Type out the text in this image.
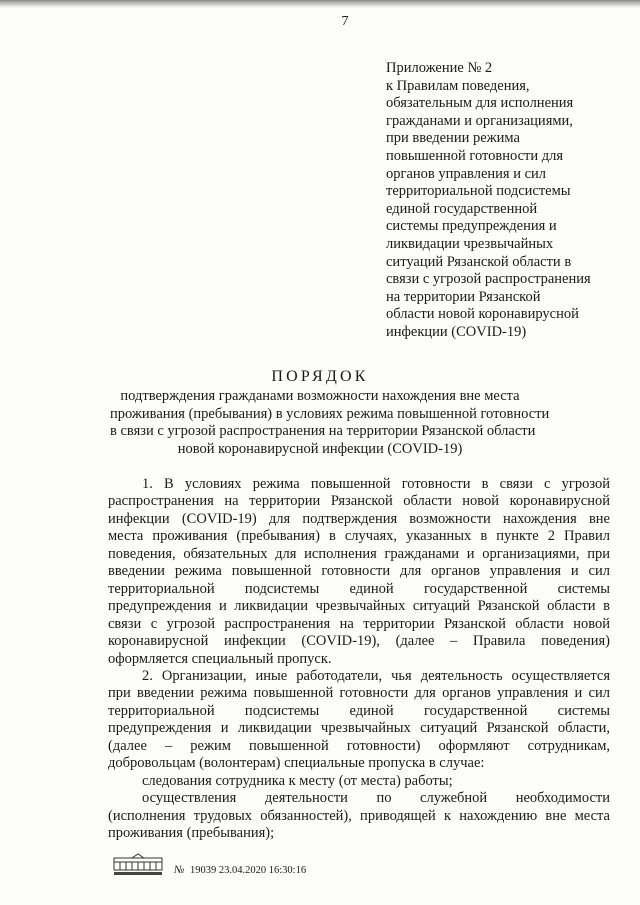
7
Приложение № 2
к Правилам поведения,
обязательным для исполнения
гражданами и организациями,
при введении режима
повышенной готовности для
органов управления и сил
территориальной подсистемы
единой государственной
системы предупреждения и
ликвидации чрезвычайных
ситуаций Рязанской области в
связи с угрозой распространения
на территории Рязанской
области новой коронавирусной
инфекции (COVID-19)
ПОРЯДОК
подтверждения гражданами возможности нахождения вне места
проживания (пребывания) в условиях режима повышенной готовности
в связи с угрозой распространения на территории Рязанской области
новой коронавирусной инфекции (COVID-19)
1. В условиях режима повышенной готовности в связи с угрозой
распространения на территории Рязанской области новой коронавирусной
инфекции (COVID-19) для подтверждения возможности нахождения вне
места проживания (пребывания) в случаях, указанных в пункте 2 Правил
поведения, обязательных для исполнения гражданами и организациями, при
введении режима повышенной готовности для органов управления и сил
территориальной подсистемы единой государственной системы
предупреждения и ликвидации чрезвычайных ситуаций Рязанской области в
связи с угрозой распространения на территории Рязанской области новой
коронавирусной инфекции (COVID-19), (далее – Правила поведения)
оформляется специальный пропуск.
2. Организации, иные работодатели, чья деятельность осуществляется
при введении режима повышенной готовности для органов управления и сил
территориальной подсистемы единой государственной системы
предупреждения и ликвидации чрезвычайных ситуаций Рязанской области,
(далее – режим повышенной готовности) оформляют сотрудникам,
добровольцам (волонтерам) специальные пропуска в случае:
следования сотрудника к месту (от места) работы;
осуществления деятельности по служебной необходимости
(исполнения трудовых обязанностей), приводящей к нахождению вне места
проживания (пребывания);
№ 19039 23.04.2020 16:30:16
